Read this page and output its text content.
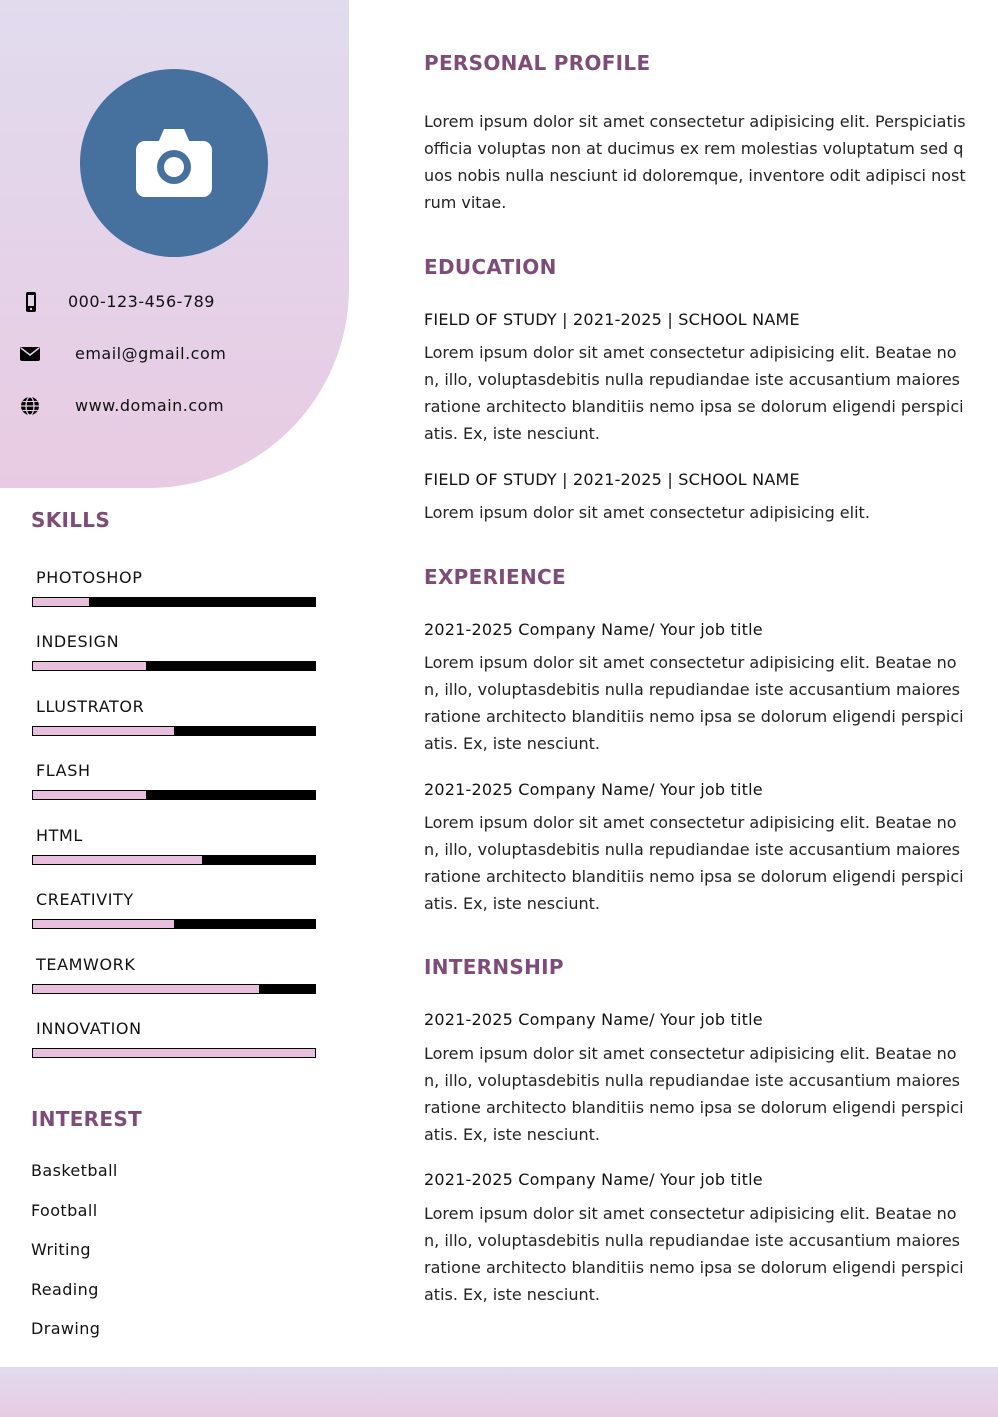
000-123-456-789
email@gmail.com
www.domain.com
SKILLS
PHOTOSHOP
INDESIGN
LLUSTRATOR
FLASH
HTML
CREATIVITY
TEAMWORK
INNOVATION
INTEREST
Basketball
Football
Writing
Reading
Drawing
PERSONAL PROFILE
Lorem ipsum dolor sit amet consectetur adipisicing elit. Perspiciatis officia voluptas non at ducimus ex rem molestias voluptatum sed quos nobis nulla nesciunt id doloremque, inventore odit adipisci nostrum vitae.
EDUCATION
FIELD OF STUDY | 2021-2025 | SCHOOL NAME
Lorem ipsum dolor sit amet consectetur adipisicing elit. Beatae non, illo, voluptasdebitis nulla repudiandae iste accusantium maiores ratione architecto blanditiis nemo ipsa se dolorum eligendi perspiciatis. Ex, iste nesciunt.
FIELD OF STUDY | 2021-2025 | SCHOOL NAME
Lorem ipsum dolor sit amet consectetur adipisicing elit.
EXPERIENCE
2021-2025 Company Name/ Your job title
Lorem ipsum dolor sit amet consectetur adipisicing elit. Beatae non, illo, voluptasdebitis nulla repudiandae iste accusantium maiores ratione architecto blanditiis nemo ipsa se dolorum eligendi perspiciatis. Ex, iste nesciunt.
2021-2025 Company Name/ Your job title
Lorem ipsum dolor sit amet consectetur adipisicing elit. Beatae non, illo, voluptasdebitis nulla repudiandae iste accusantium maiores ratione architecto blanditiis nemo ipsa se dolorum eligendi perspiciatis. Ex, iste nesciunt.
INTERNSHIP
2021-2025 Company Name/ Your job title
Lorem ipsum dolor sit amet consectetur adipisicing elit. Beatae non, illo, voluptasdebitis nulla repudiandae iste accusantium maiores ratione architecto blanditiis nemo ipsa se dolorum eligendi perspiciatis. Ex, iste nesciunt.
2021-2025 Company Name/ Your job title
Lorem ipsum dolor sit amet consectetur adipisicing elit. Beatae non, illo, voluptasdebitis nulla repudiandae iste accusantium maiores ratione architecto blanditiis nemo ipsa se dolorum eligendi perspiciatis. Ex, iste nesciunt.
